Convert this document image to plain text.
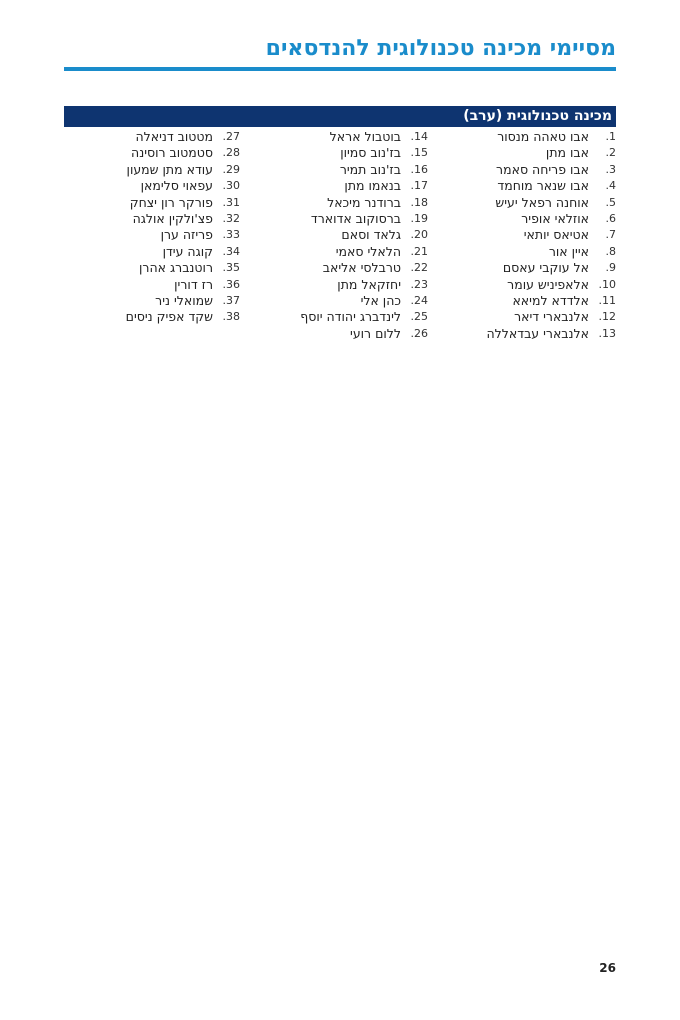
מסיימי מכינה טכנולוגית להנדסאים
מכינה טכנולוגית (ערב)
1.
אבו טאהה מנסור
2.
אבו מתן
3.
אבו פריחה סאמר
4.
אבו שנאר מוחמד
5.
אוחנה רפאל יעיש
6.
אוזלאי אופיר
7.
אטיאס יותאי
8.
איין אור
9.
אל עוקבי עאסם
10.
אלאפיניש עומר
11.
אלדדא למיאא
12.
אלנבארי דיאר
13.
אלנבארי עבדאללה
14.
בוטבול אראל
15.
בז'נוב סמיון
16.
בז'נוב תמיר
17.
בנאמו מתן
18.
ברודנר מיכאל
19.
ברסוקוב אדוארד
20.
גלאד וסאם
21.
הלאלי סאמי
22.
טרבלסי אליאב
23.
יחזקאל מתן
24.
כהן אלי
25.
לינדברג יהודה יוסף
26.
ללום רועי
27.
מטטוב דניאלה
28.
סטמטוב רוסינה
29.
עודא מתן שמעון
30.
עפאוי סלימאן
31.
פורקר רון יצחק
32.
פצ'ולקין אולגה
33.
פריזה ערן
34.
קוגה עידן
35.
רוטנברג אהרן
36.
רז דורין
37.
שמואלי ניר
38.
שקד אפיק ניסים
26
